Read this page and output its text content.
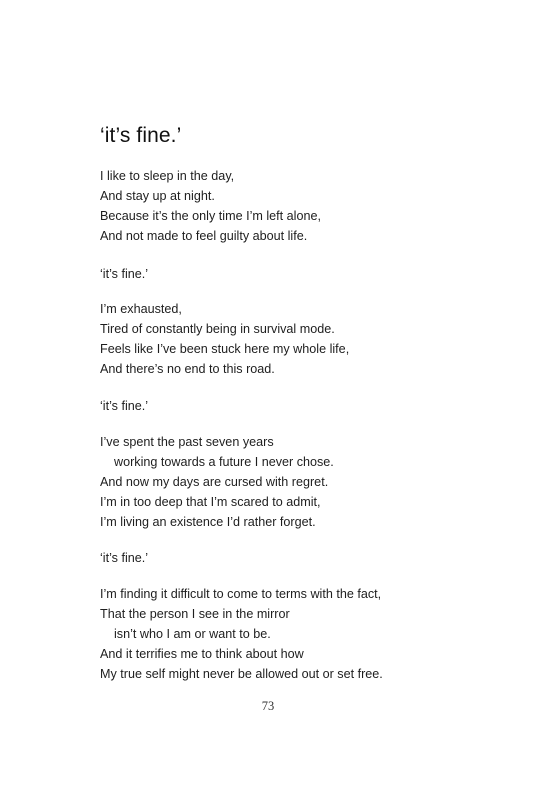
‘it’s fine.’

I like to sleep in the day,

And stay up at night.

Because it’s the only time I’m left alone,

And not made to feel guilty about life.

‘it’s fine.’

I’m exhausted,

Tired of constantly being in survival mode.

Feels like I’ve been stuck here my whole life,

And there’s no end to this road.

‘it’s fine.’

I’ve spent the past seven years

working towards a future I never chose.

And now my days are cursed with regret.

I’m in too deep that I’m scared to admit,

I’m living an existence I’d rather forget.

‘it’s fine.’

I’m finding it difficult to come to terms with the fact,

That the person I see in the mirror

isn’t who I am or want to be.

And it terrifies me to think about how

My true self might never be allowed out or set free.

73
